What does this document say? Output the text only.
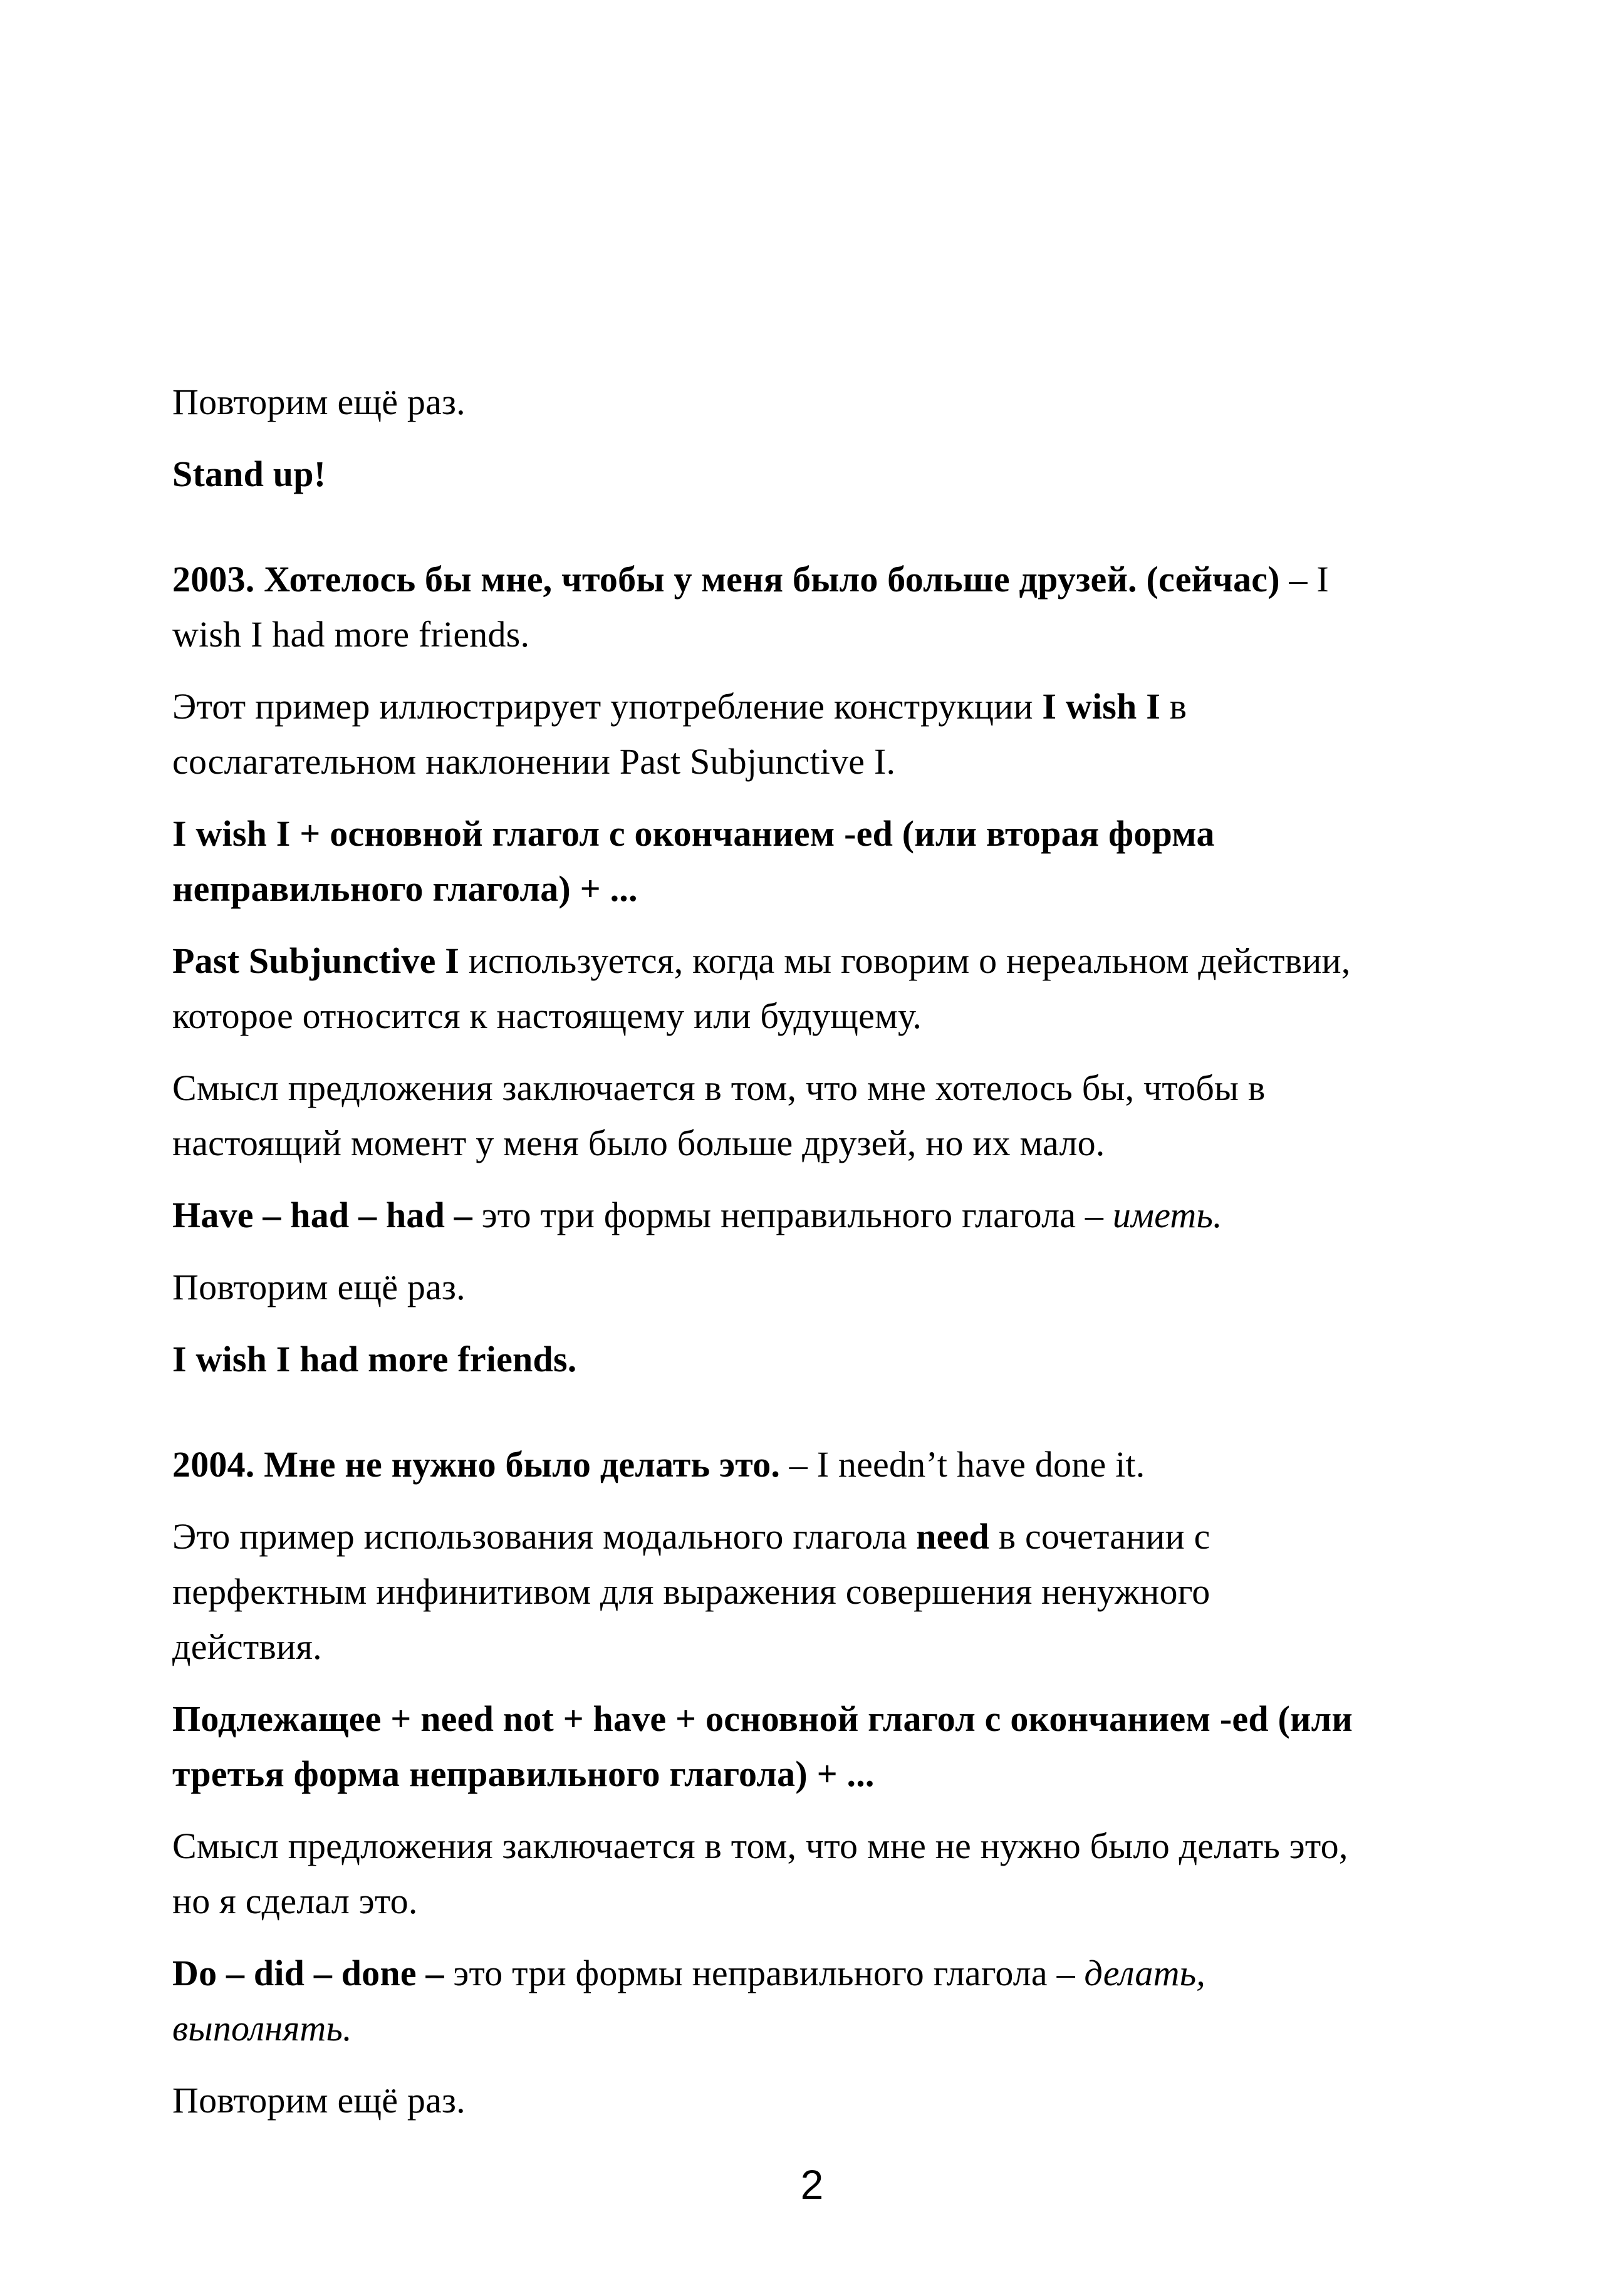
Повторим ещё раз.

Stand up!

2003. Хотелось бы мне, чтобы у меня было больше друзей. (сейчас) – I wish I had more friends.

Этот пример иллюстрирует употребление конструкции I wish I в сослагательном наклонении Past Subjunctive I.

I wish I + основной глагол с окончанием -ed (или вторая форма неправильного глагола) + ...

Past Subjunctive I используется, когда мы говорим о нереальном действии, которое относится к настоящему или будущему.

Смысл предложения заключается в том, что мне хотелось бы, чтобы в настоящий момент у меня было больше друзей, но их мало.

Have – had – had – это три формы неправильного глагола – иметь.

Повторим ещё раз.

I wish I had more friends.

2004. Мне не нужно было делать это. – I needn’t have done it.

Это пример использования модального глагола need в сочетании с перфектным инфинитивом для выражения совершения ненужного действия.

Подлежащее + need not + have + основной глагол с окончанием -ed (или третья форма неправильного глагола) + ...

Смысл предложения заключается в том, что мне не нужно было делать это, но я сделал это.

Do – did – done – это три формы неправильного глагола – делать, выполнять.

Повторим ещё раз.

2
